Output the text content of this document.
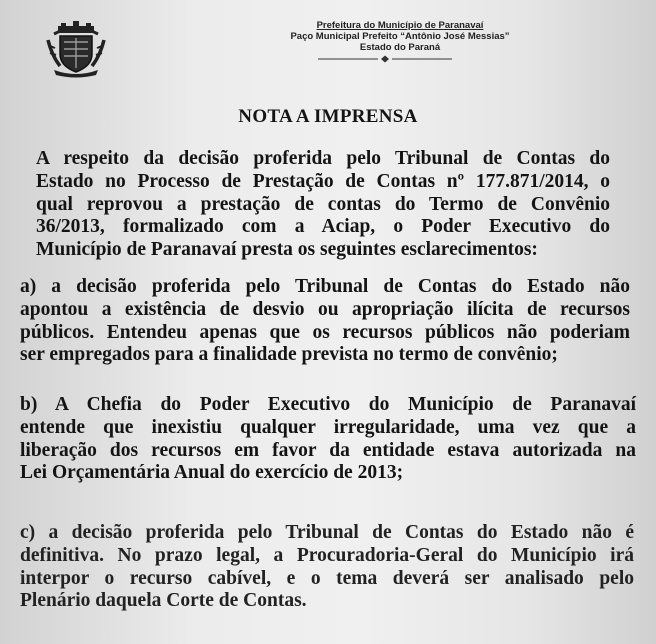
Prefeitura do Município de Paranavaí
Paço Municipal Prefeito “Antônio José Messias”
Estado do Paraná
NOTA A IMPRENSA
A respeito da decisão proferida pelo Tribunal de Contas do
Estado no Processo de Prestação de Contas nº 177.871/2014, o
qual reprovou a prestação de contas do Termo de Convênio
36/2013, formalizado com a Aciap, o Poder Executivo do
Município de Paranavaí presta os seguintes esclarecimentos:
a) a decisão proferida pelo Tribunal de Contas do Estado não
apontou a existência de desvio ou apropriação ilícita de recursos
públicos. Entendeu apenas que os recursos públicos não poderiam
ser empregados para a finalidade prevista no termo de convênio;
b) A Chefia do Poder Executivo do Município de Paranavaí
entende que inexistiu qualquer irregularidade, uma vez que a
liberação dos recursos em favor da entidade estava autorizada na
Lei Orçamentária Anual do exercício de 2013;
c) a decisão proferida pelo Tribunal de Contas do Estado não é
definitiva. No prazo legal, a Procuradoria-Geral do Município irá
interpor o recurso cabível, e o tema deverá ser analisado pelo
Plenário daquela Corte de Contas.
